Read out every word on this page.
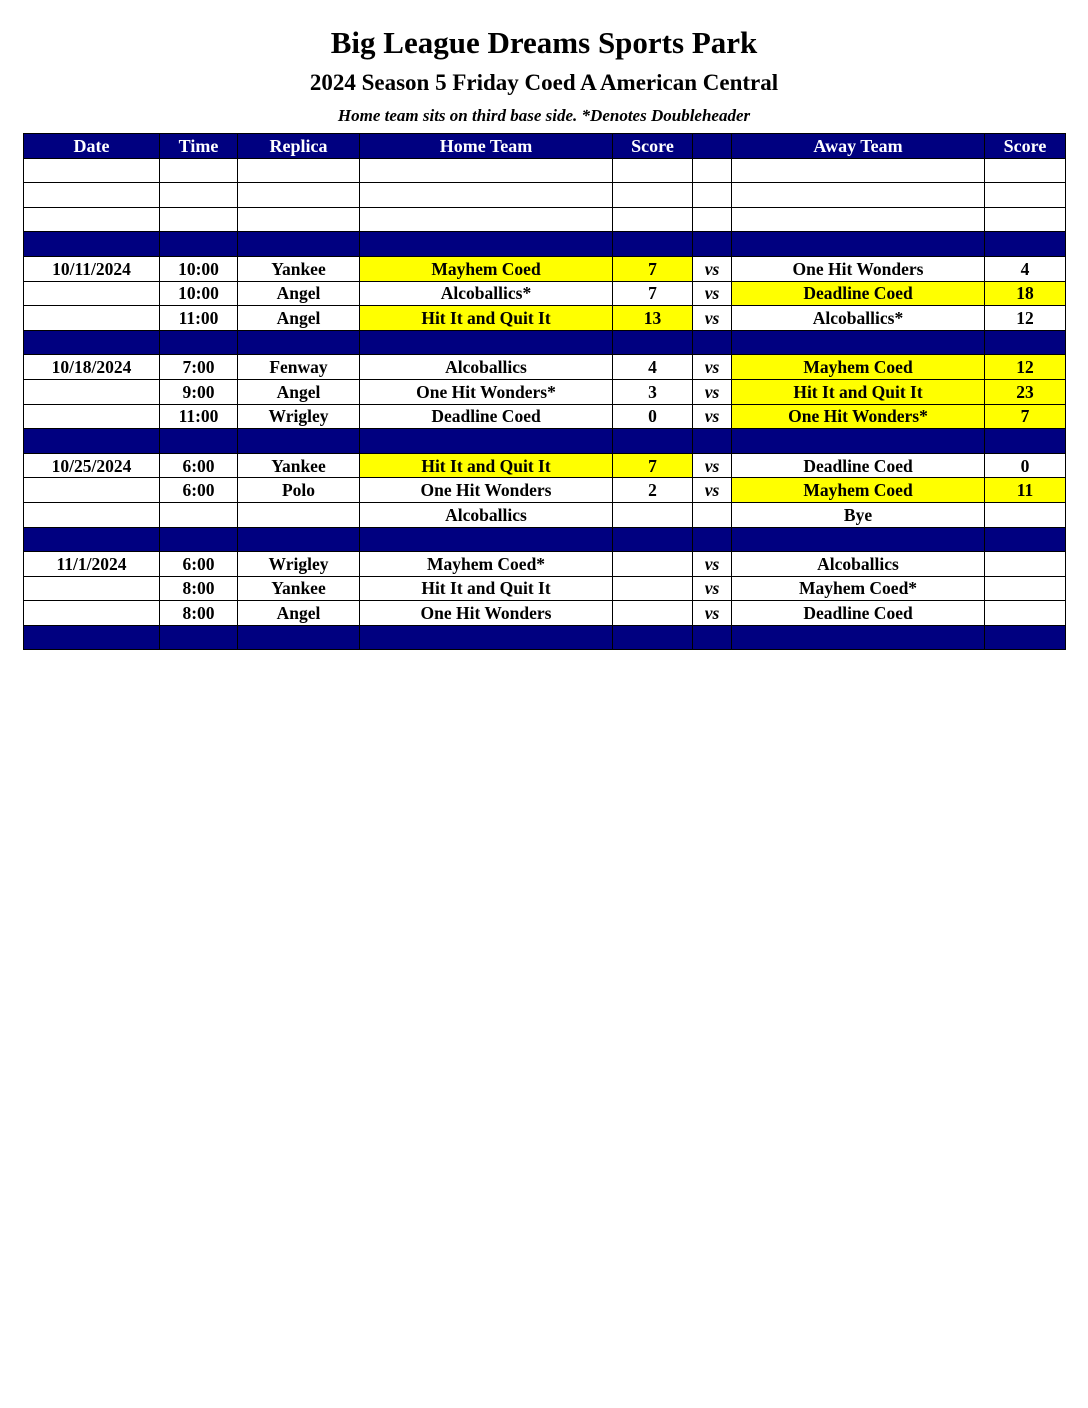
Big League Dreams Sports Park
2024 Season 5 Friday Coed A American Central
Home team sits on third base side. *Denotes Doubleheader
Date	Time	Replica	Home Team	Score		Away Team	Score

10/11/2024	10:00	Yankee	Mayhem Coed	7	vs	One Hit Wonders	4
	10:00	Angel	Alcoballics*	7	vs	Deadline Coed	18
	11:00	Angel	Hit It and Quit It	13	vs	Alcoballics*	12

10/18/2024	7:00	Fenway	Alcoballics	4	vs	Mayhem Coed	12
	9:00	Angel	One Hit Wonders*	3	vs	Hit It and Quit It	23
	11:00	Wrigley	Deadline Coed	0	vs	One Hit Wonders*	7

10/25/2024	6:00	Yankee	Hit It and Quit It	7	vs	Deadline Coed	0
	6:00	Polo	One Hit Wonders	2	vs	Mayhem Coed	11
			Alcoballics			Bye	

11/1/2024	6:00	Wrigley	Mayhem Coed*		vs	Alcoballics	
	8:00	Yankee	Hit It and Quit It		vs	Mayhem Coed*	
	8:00	Angel	One Hit Wonders		vs	Deadline Coed	
